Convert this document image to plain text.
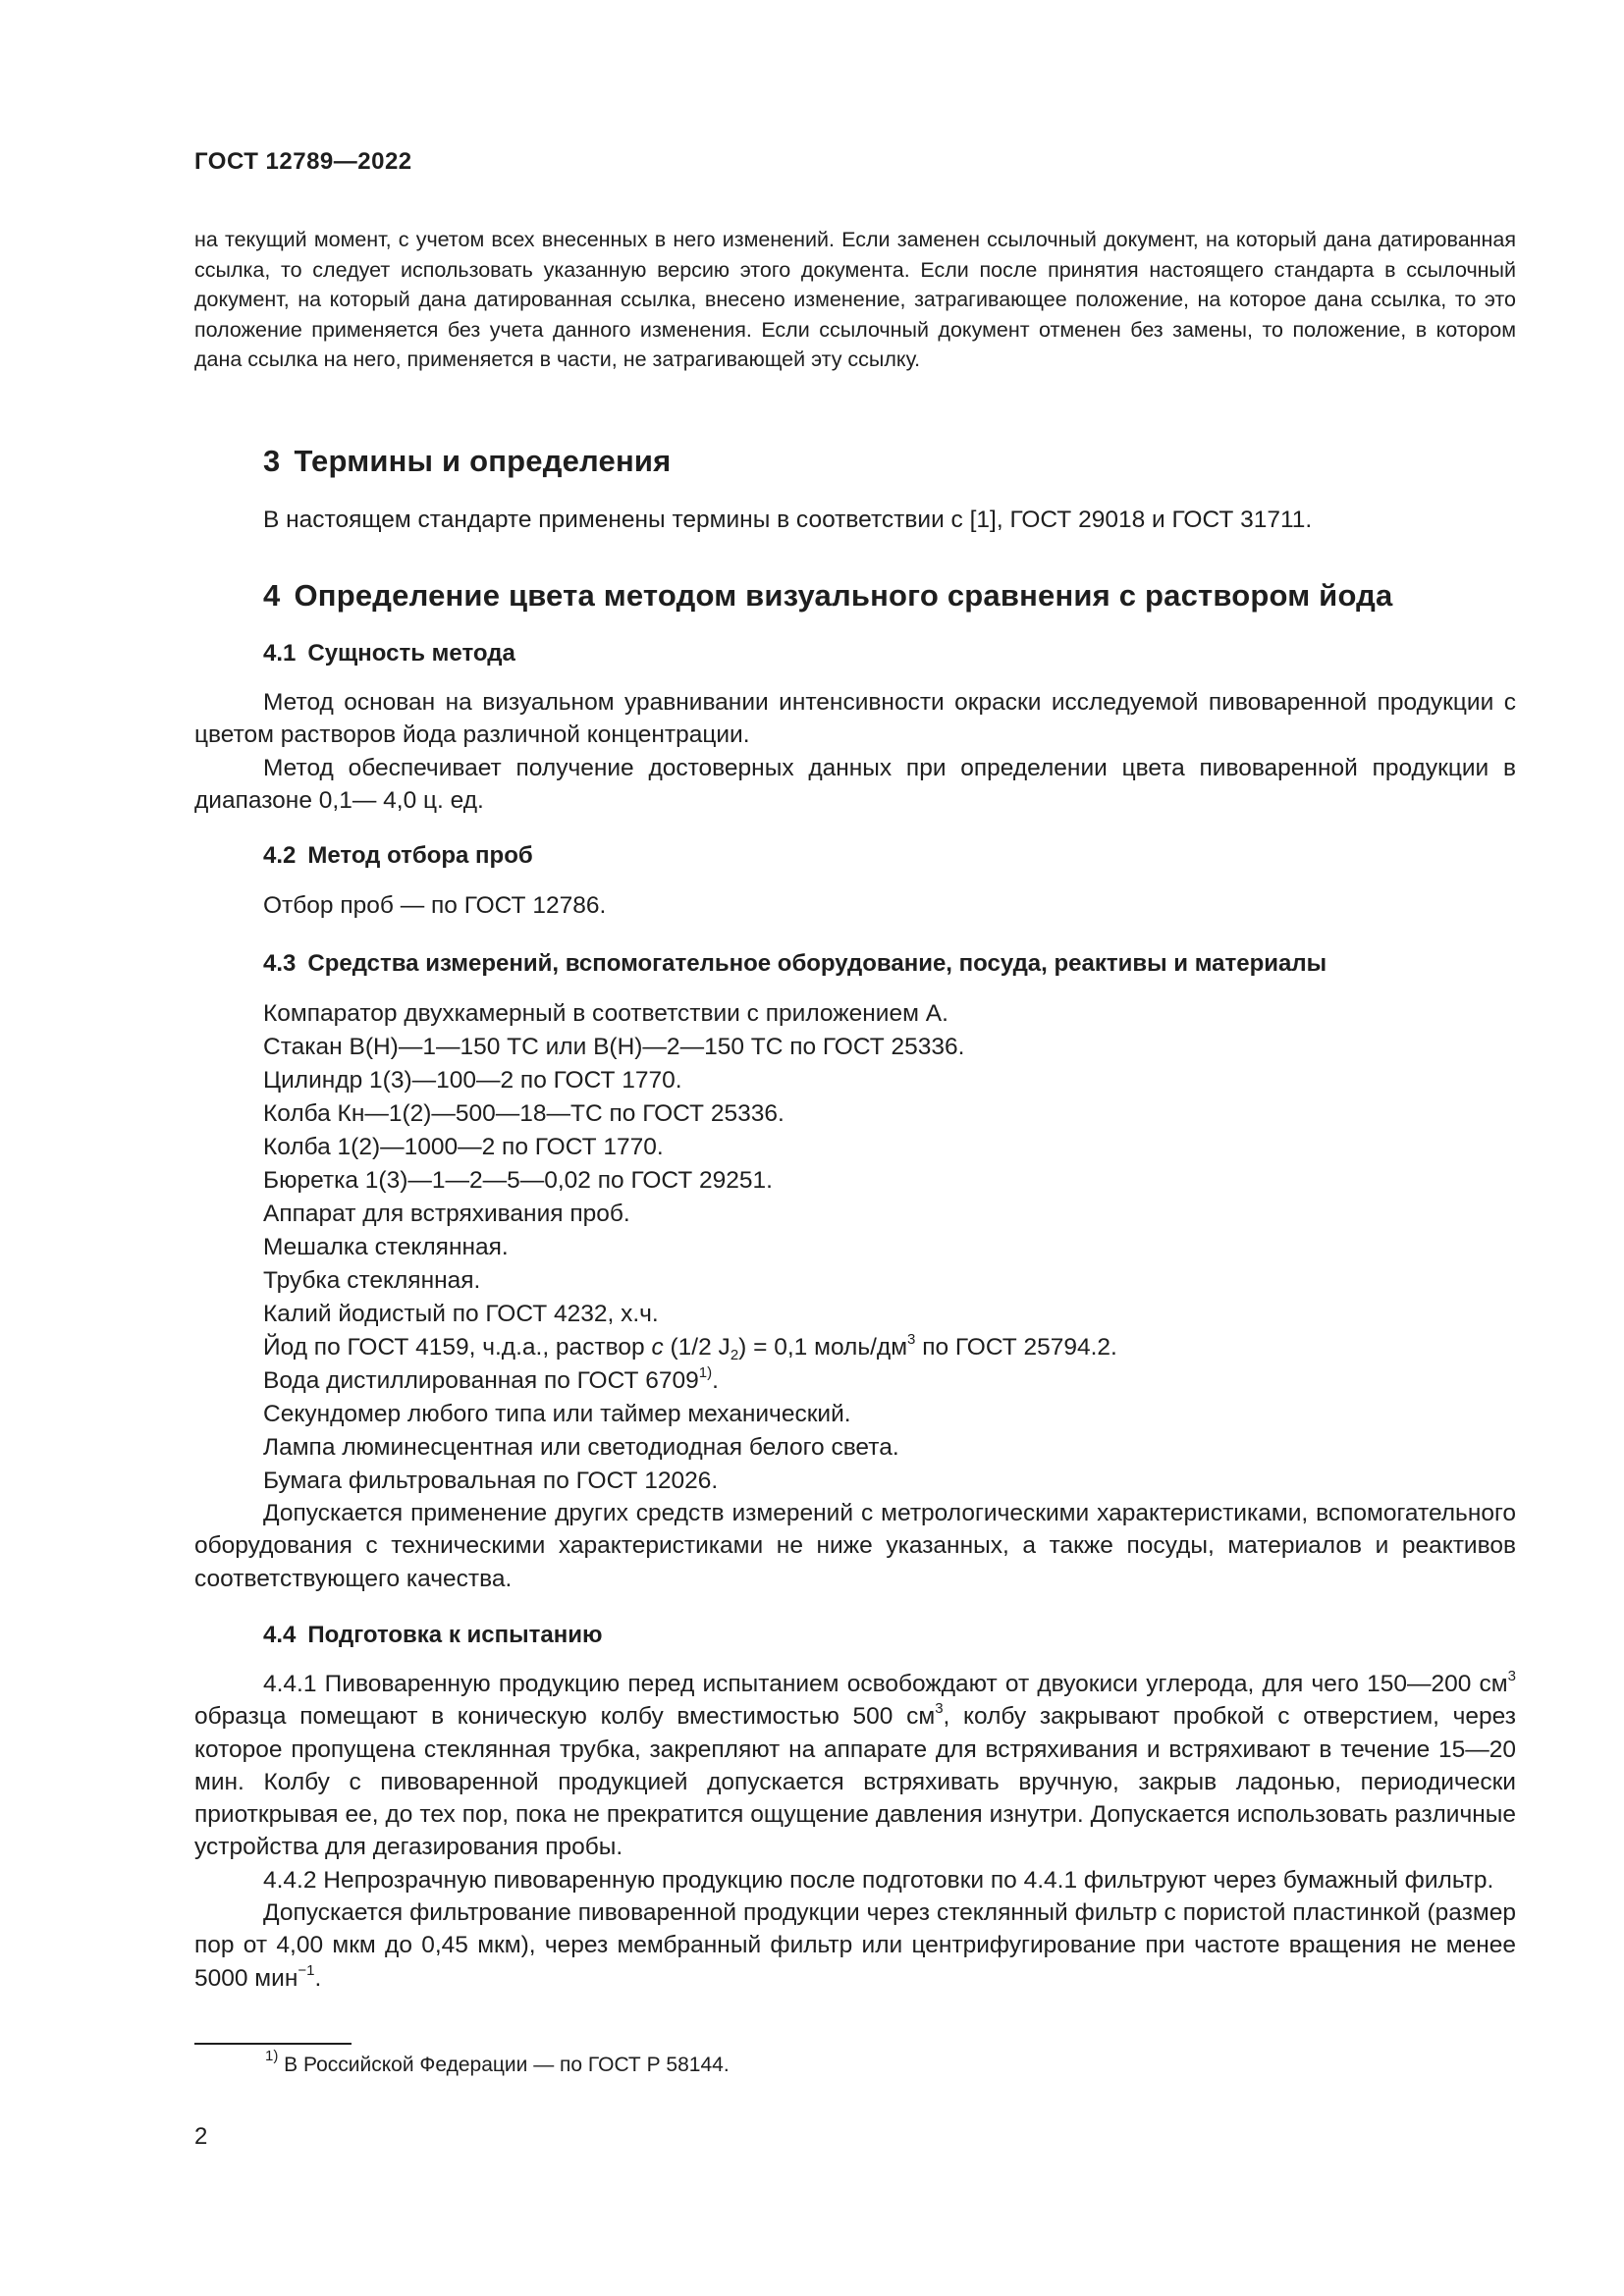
ГОСТ 12789—2022

на текущий момент, с учетом всех внесенных в него изменений. Если заменен ссылочный документ, на который дана датированная ссылка, то следует использовать указанную версию этого документа. Если после принятия настоящего стандарта в ссылочный документ, на который дана датированная ссылка, внесено изменение, затрагивающее положение, на которое дана ссылка, то это положение применяется без учета данного изменения. Если ссылочный документ отменен без замены, то положение, в котором дана ссылка на него, применяется в части, не затрагивающей эту ссылку.

3 Термины и определения

В настоящем стандарте применены термины в соответствии с [1], ГОСТ 29018 и ГОСТ 31711.

4 Определение цвета методом визуального сравнения с раствором йода
4.1 Сущность метода

Метод основан на визуальном уравнивании интенсивности окраски исследуемой пивоваренной продукции с цветом растворов йода различной концентрации.

Метод обеспечивает получение достоверных данных при определении цвета пивоваренной продукции в диапазоне 0,1— 4,0 ц. ед.

4.2 Метод отбора проб

Отбор проб — по ГОСТ 12786.

4.3 Средства измерений, вспомогательное оборудование, посуда, реактивы и материалы
Компаратор двухкамерный в соответствии с приложением А.
Стакан В(Н)—1—150 ТС или В(Н)—2—150 ТС по ГОСТ 25336.
Цилиндр 1(3)—100—2 по ГОСТ 1770.
Колба Кн—1(2)—500—18—ТС по ГОСТ 25336.
Колба 1(2)—1000—2 по ГОСТ 1770.
Бюретка 1(3)—1—2—5—0,02 по ГОСТ 29251.
Аппарат для встряхивания проб.
Мешалка стеклянная.
Трубка стеклянная.
Калий йодистый по ГОСТ 4232, х.ч.
Йод по ГОСТ 4159, ч.д.а., раствор с (1/2 $J_2) = 0,1$ моль/$дм^3$ по ГОСТ 25794.2.
Вода дистиллированная по ГОСТ 6709$^{1)}$.
Секундомер любого типа или таймер механический.
Лампа люминесцентная или светодиодная белого света.
Бумага фильтровальная по ГОСТ 12026.

Допускается применение других средств измерений с метрологическими характеристиками, вспомогательного оборудования с техническими характеристиками не ниже указанных, а также посуды, материалов и реактивов соответствующего качества.

4.4 Подготовка к испытанию

4.4.1 Пивоваренную продукцию перед испытанием освобождают от двуокиси углерода, для чего 150—200 $см^3$ образца помещают в коническую колбу вместимостью 500 $см^3$, колбу закрывают пробкой с отверстием, через которое пропущена стеклянная трубка, закрепляют на аппарате для встряхивания и встряхивают в течение 15—20 мин. Колбу с пивоваренной продукцией допускается встряхивать вручную, закрыв ладонью, периодически приоткрывая ее, до тех пор, пока не прекратится ощущение давления изнутри. Допускается использовать различные устройства для дегазирования пробы.

4.4.2 Непрозрачную пивоваренную продукцию после подготовки по 4.4.1 фильтруют через бумажный фильтр.

Допускается фильтрование пивоваренной продукции через стеклянный фильтр с пористой пластинкой (размер пор от 4,00 мкм до 0,45 мкм), через мембранный фильтр или центрифугирование при частоте вращения не менее 5000 мин$^{-1}$.

$^{1)}$ В Российской Федерации — по ГОСТ Р 58144.
2
